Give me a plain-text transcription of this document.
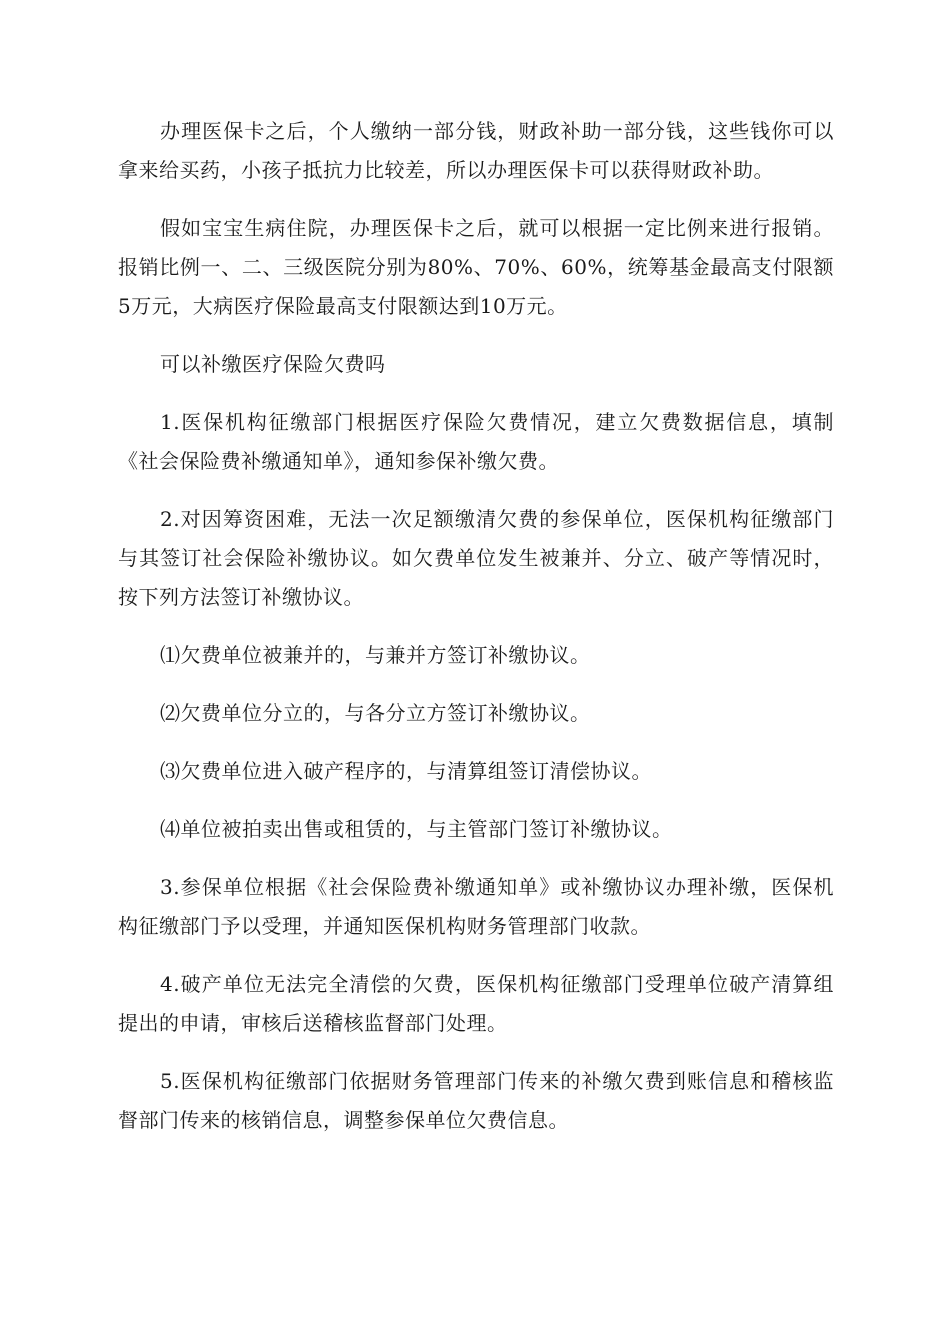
办理医保卡之后，个人缴纳一部分钱，财政补助一部分钱，这些钱你可以拿来给买药，小孩子抵抗力比较差，所以办理医保卡可以获得财政补助。

假如宝宝生病住院，办理医保卡之后，就可以根据一定比例来进行报销。报销比例一、二、三级医院分别为80%、70%、60%，统筹基金最高支付限额5万元，大病医疗保险最高支付限额达到10万元。

可以补缴医疗保险欠费吗

1.医保机构征缴部门根据医疗保险欠费情况，建立欠费数据信息，填制《社会保险费补缴通知单》，通知参保补缴欠费。

2.对因筹资困难，无法一次足额缴清欠费的参保单位，医保机构征缴部门与其签订社会保险补缴协议。如欠费单位发生被兼并、分立、破产等情况时，按下列方法签订补缴协议。

⑴欠费单位被兼并的，与兼并方签订补缴协议。

⑵欠费单位分立的，与各分立方签订补缴协议。

⑶欠费单位进入破产程序的，与清算组签订清偿协议。

⑷单位被拍卖出售或租赁的，与主管部门签订补缴协议。

3.参保单位根据《社会保险费补缴通知单》或补缴协议办理补缴，医保机构征缴部门予以受理，并通知医保机构财务管理部门收款。

4.破产单位无法完全清偿的欠费，医保机构征缴部门受理单位破产清算组提出的申请，审核后送稽核监督部门处理。

5.医保机构征缴部门依据财务管理部门传来的补缴欠费到账信息和稽核监督部门传来的核销信息，调整参保单位欠费信息。
